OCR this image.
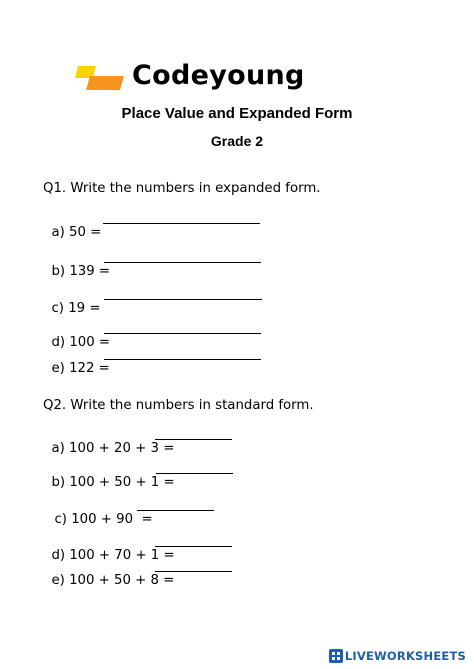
Codeyoung
Place Value and Expanded Form
Grade 2
Q1. Write the numbers in expanded form.

a) 50 =

b) 139 =

c) 19 =

d) 100 =

e) 122 =

Q2. Write the numbers in standard form.

a) 100 + 20 + 3 =

b) 100 + 50 + 1 =

c) 100 + 90  =

d) 100 + 70 + 1 =

e) 100 + 50 + 8 =

LIVEWORKSHEETS
